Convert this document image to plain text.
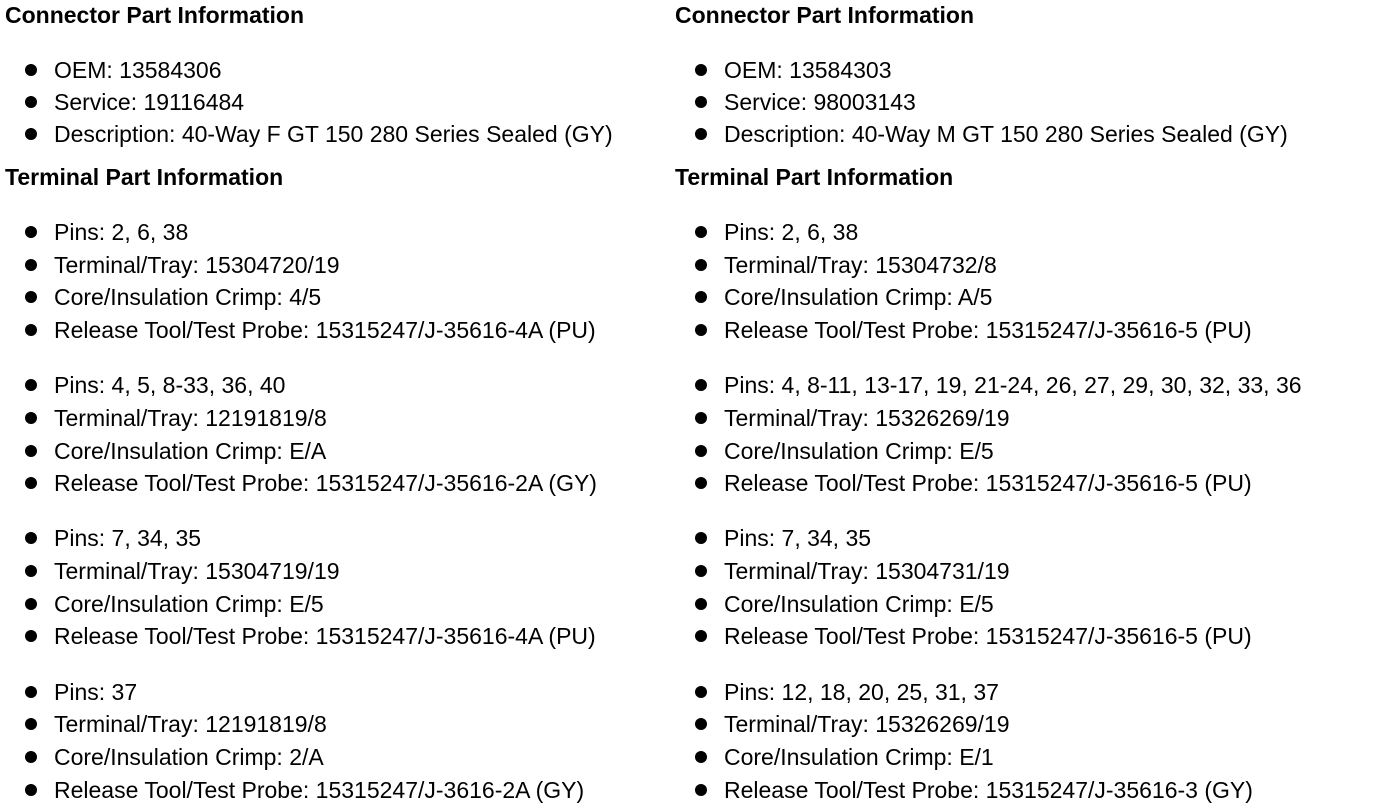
Connector Part Information
OEM: 13584306
Service: 19116484
Description: 40-Way F GT 150 280 Series Sealed (GY)
Terminal Part Information
Pins: 2, 6, 38
Terminal/Tray: 15304720/19
Core/Insulation Crimp: 4/5
Release Tool/Test Probe: 15315247/J-35616-4A (PU)
Pins: 4, 5, 8-33, 36, 40
Terminal/Tray: 12191819/8
Core/Insulation Crimp: E/A
Release Tool/Test Probe: 15315247/J-35616-2A (GY)
Pins: 7, 34, 35
Terminal/Tray: 15304719/19
Core/Insulation Crimp: E/5
Release Tool/Test Probe: 15315247/J-35616-4A (PU)
Pins: 37
Terminal/Tray: 12191819/8
Core/Insulation Crimp: 2/A
Release Tool/Test Probe: 15315247/J-3616-2A (GY)
Connector Part Information
OEM: 13584303
Service: 98003143
Description: 40-Way M GT 150 280 Series Sealed (GY)
Terminal Part Information
Pins: 2, 6, 38
Terminal/Tray: 15304732/8
Core/Insulation Crimp: A/5
Release Tool/Test Probe: 15315247/J-35616-5 (PU)
Pins: 4, 8-11, 13-17, 19, 21-24, 26, 27, 29, 30, 32, 33, 36
Terminal/Tray: 15326269/19
Core/Insulation Crimp: E/5
Release Tool/Test Probe: 15315247/J-35616-5 (PU)
Pins: 7, 34, 35
Terminal/Tray: 15304731/19
Core/Insulation Crimp: E/5
Release Tool/Test Probe: 15315247/J-35616-5 (PU)
Pins: 12, 18, 20, 25, 31, 37
Terminal/Tray: 15326269/19
Core/Insulation Crimp: E/1
Release Tool/Test Probe: 15315247/J-35616-3 (GY)
